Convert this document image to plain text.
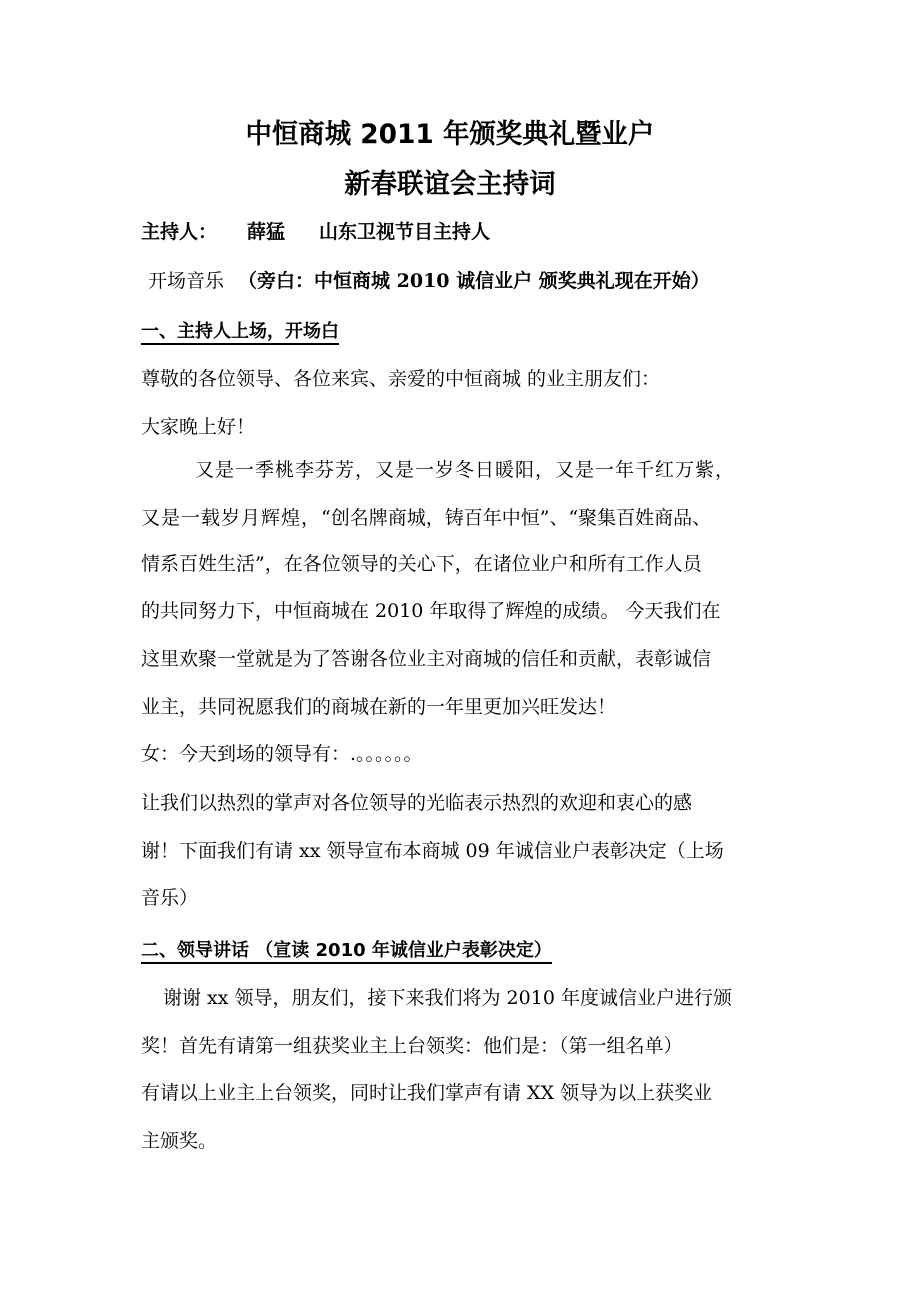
中恒商城 2011 年颁奖典礼暨业户
新春联谊会主持词
主持人： 薛猛 山东卫视节目主持人
开场音乐 （旁白：中恒商城 2010 诚信业户 颁奖典礼现在开始）
一、主持人上场，开场白
尊敬的各位领导、各位来宾、亲爱的中恒商城 的业主朋友们：
大家晚上好！
又是一季桃李芬芳，又是一岁冬日暖阳，又是一年千红万紫，
又是一载岁月辉煌，“创名牌商城，铸百年中恒”、“聚集百姓商品、
情系百姓生活”，在各位领导的关心下，在诸位业户和所有工作人员
的共同努力下，中恒商城在 2010 年取得了辉煌的成绩。 今天我们在
这里欢聚一堂就是为了答谢各位业主对商城的信任和贡献，表彰诚信
业主，共同祝愿我们的商城在新的一年里更加兴旺发达！
女：今天到场的领导有：.。。。。。。
让我们以热烈的掌声对各位领导的光临表示热烈的欢迎和衷心的感
谢！下面我们有请 xx 领导宣布本商城 09 年诚信业户表彰决定（上场
音乐）
二、领导讲话 （宣读 2010 年诚信业户表彰决定）
谢谢 xx 领导，朋友们，接下来我们将为 2010 年度诚信业户进行颁
奖！首先有请第一组获奖业主上台领奖：他们是：（第一组名单）
有请以上业主上台领奖，同时让我们掌声有请 XX 领导为以上获奖业
主颁奖。
